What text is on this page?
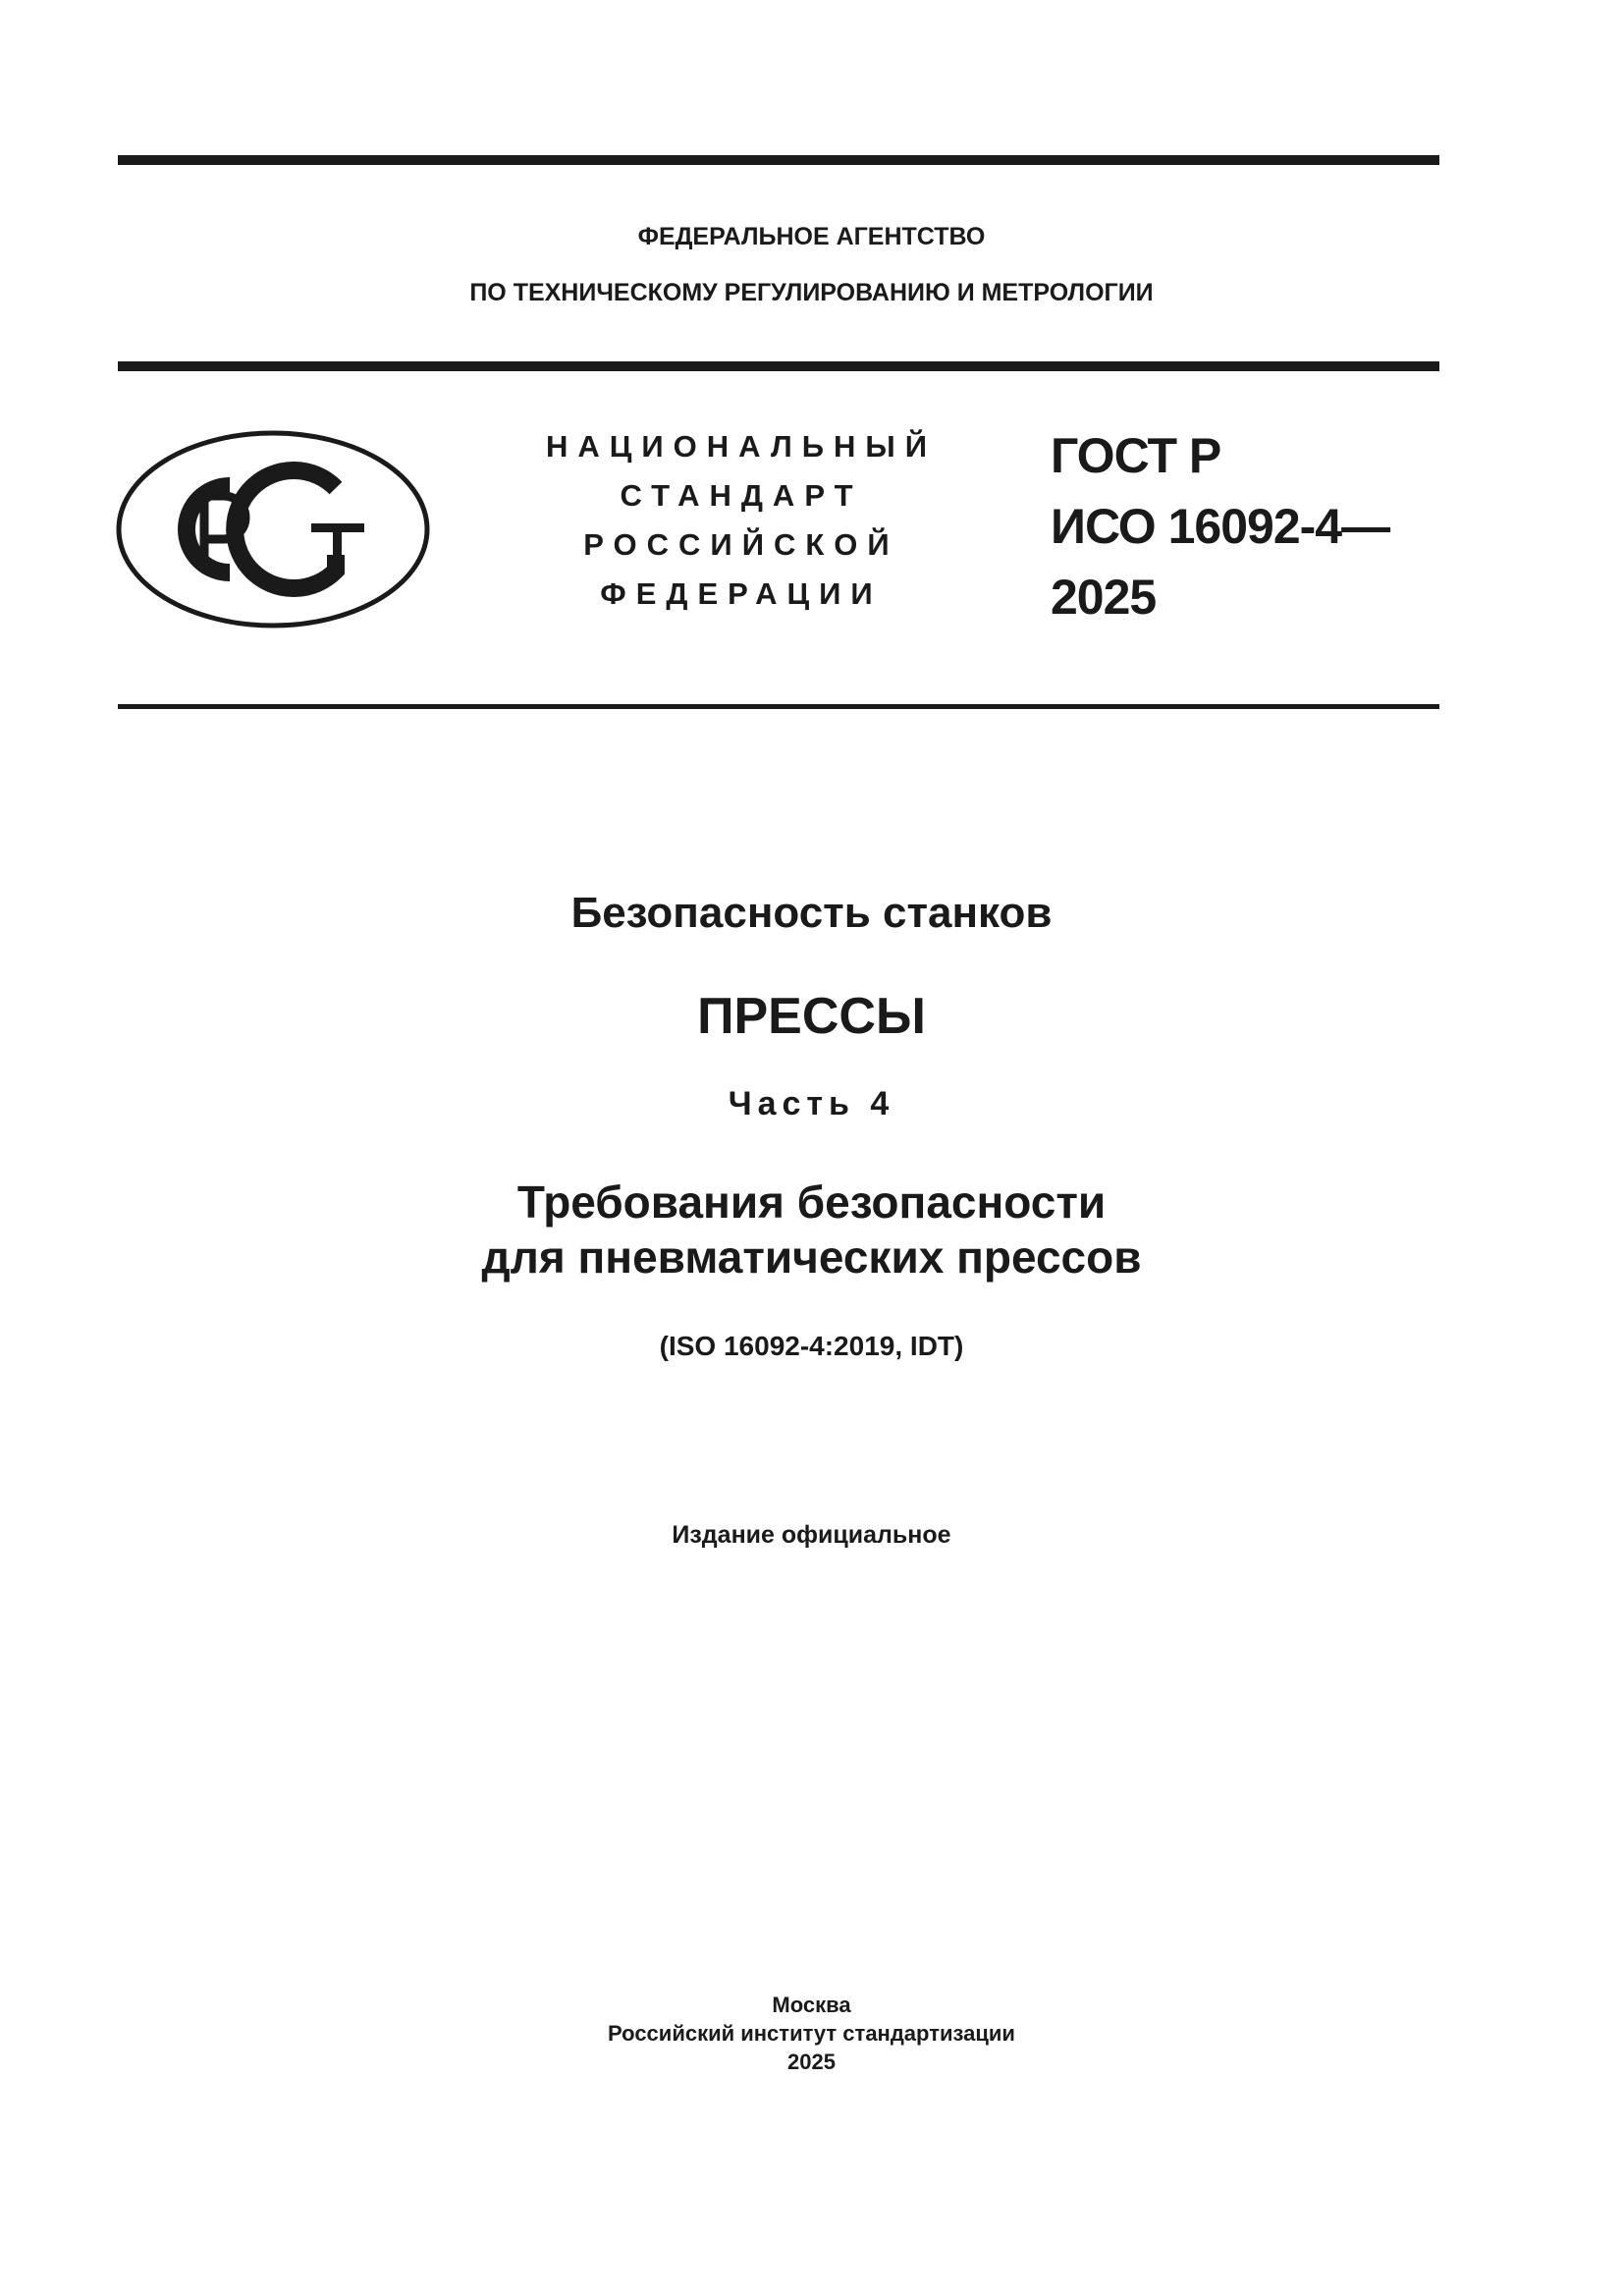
ФЕДЕРАЛЬНОЕ АГЕНТСТВО
ПО ТЕХНИЧЕСКОМУ РЕГУЛИРОВАНИЮ И МЕТРОЛОГИИ
НАЦИОНАЛЬНЫЙ
СТАНДАРТ
РОССИЙСКОЙ
ФЕДЕРАЦИИ
ГОСТ Р
ИСО 16092-4—
2025
Безопасность станков
ПРЕССЫ
Часть 4
Требования безопасности
для пневматических прессов
(ISO 16092-4:2019, IDT)
Издание официальное
Москва
Российский институт стандартизации
2025
